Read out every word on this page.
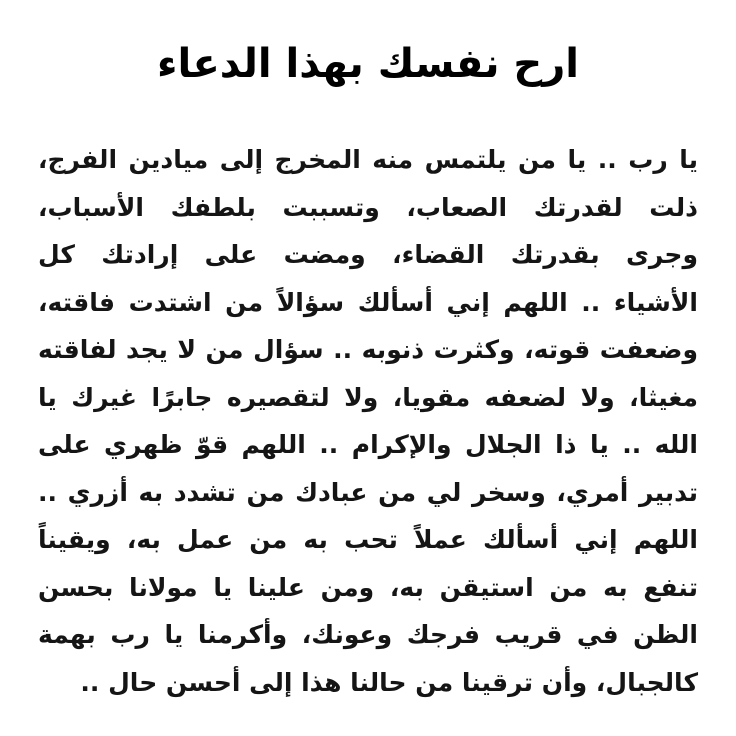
ارح نفسك بهذا الدعاء
يا رب .. يا من يلتمس منه المخرج إلى ميادين الفرج،
ذلت لقدرتك الصعاب، وتسببت بلطفك الأسباب،
وجرى بقدرتك القضاء، ومضت على إرادتك كل
الأشياء .. اللهم إني أسألك سؤالاً من اشتدت فاقته،
وضعفت قوته، وكثرت ذنوبه .. سؤال من لا يجد لفاقته
مغيثا، ولا لضعفه مقويا، ولا لتقصيره جابرًا غيرك يا
الله .. يا ذا الجلال والإكرام .. اللهم قوّ ظهري على
تدبير أمري، وسخر لي من عبادك من تشدد به أزري ..
اللهم إني أسألك عملاً تحب به من عمل به، ويقيناً
تنفع به من استيقن به، ومن علينا يا مولانا بحسن
الظن في قريب فرجك وعونك، وأكرمنا يا رب بهمة
كالجبال، وأن ترقينا من حالنا هذا إلى أحسن حال ..
